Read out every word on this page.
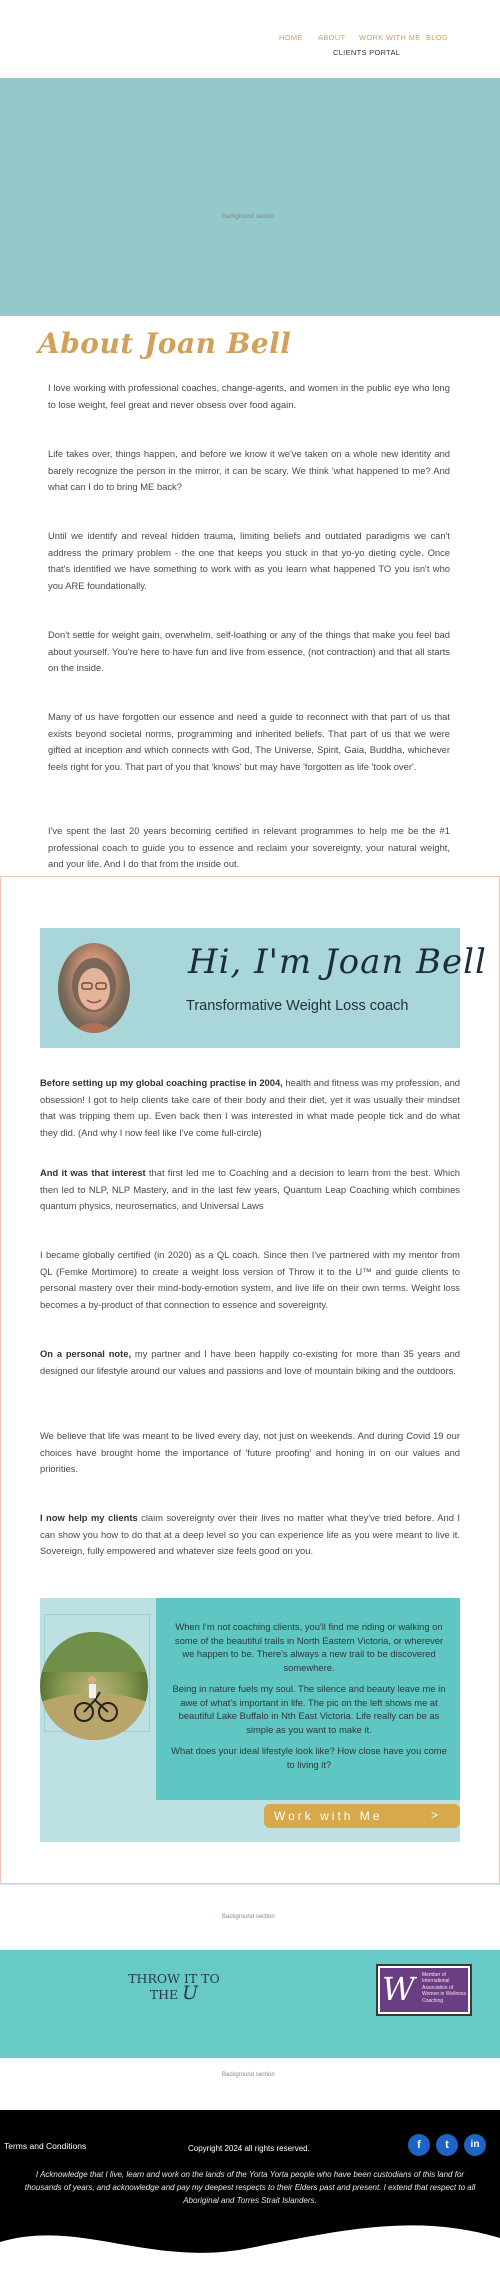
HOME ABOUT WORK WITH ME BLOG
CLIENTS PORTAL
Background section
About Joan Bell

I love working with professional coaches, change-agents, and women in the public eye who long to lose weight, feel great and never obsess over food again.

Life takes over, things happen, and before we know it we've taken on a whole new identity and barely recognize the person in the mirror, it can be scary. We think 'what happened to me? And what can I do to bring ME back?

Until we identify and reveal hidden trauma, limiting beliefs and outdated paradigms we can't address the primary problem - the one that keeps you stuck in that yo-yo dieting cycle. Once that's identified we have something to work with as you learn what happened TO you isn't who you ARE foundationally.

Don't settle for weight gain, overwhelm, self-loathing or any of the things that make you feel bad about yourself. You're here to have fun and live from essence, (not contraction) and that all starts on the inside.

Many of us have forgotten our essence and need a guide to reconnect with that part of us that exists beyond societal norms, programming and inherited beliefs. That part of us that we were gifted at inception and which connects with God, The Universe, Spirit, Gaia, Buddha, whichever feels right for you. That part of you that 'knows' but may have 'forgotten as life 'took over'.

I've spent the last 20 years becoming certified in relevant programmes to help me be the #1 professional coach to guide you to essence and reclaim your sovereignty, your natural weight, and your life. And I do that from the inside out.

Hi, I'm Joan Bell
Transformative Weight Loss coach

Before setting up my global coaching practise in 2004, health and fitness was my profession, and obsession! I got to help clients take care of their body and their diet, yet it was usually their mindset that was tripping them up. Even back then I was interested in what made people tick and do what they did. (And why I now feel like I've come full-circle)

And it was that interest that first led me to Coaching and a decision to learn from the best. Which then led to NLP, NLP Mastery, and in the last few years, Quantum Leap Coaching which combines quantum physics, neurosematics, and Universal Laws

I became globally certified (in 2020) as a QL coach. Since then I've partnered with my mentor from QL (Femke Mortimore) to create a weight loss version of Throw it to the U™ and guide clients to personal mastery over their mind-body-emotion system, and live life on their own terms. Weight loss becomes a by-product of that connection to essence and sovereignty.

On a personal note, my partner and I have been happily co-existing for more than 35 years and designed our lifestyle around our values and passions and love of mountain biking and the outdoors.

We believe that life was meant to be lived every day, not just on weekends. And during Covid 19 our choices have brought home the importance of 'future proofing' and honing in on our values and priorities.

I now help my clients claim sovereignty over their lives no matter what they've tried before. And I can show you how to do that at a deep level so you can experience life as you were meant to live it. Sovereign, fully empowered and whatever size feels good on you.

When I'm not coaching clients, you'll find me riding or walking on some of the beautiful trails in North Eastern Victoria, or wherever we happen to be. There's always a new trail to be discovered somewhere.

Being in nature fuels my soul. The silence and beauty leave me in awe of what's important in life. The pic on the left shows me at beautiful Lake Buffalo in Nth East Victoria. Life really can be as simple as you want to make it.

What does your ideal lifestyle look like? How close have you come to living it?

Work with Me	>
Background section
THROW IT TO
THE U	W	Member of International Association of Women in Wellness Coaching
Background section
Terms and Conditions	Copyright 2024 all rights reserved.	f	t	in

I Acknowledge that I live, learn and work on the lands of the Yorta Yorta people who have been custodians of this land for thousands of years, and acknowledge and pay my deepest respects to their Elders past and present. I extend that respect to all Aboriginal and Torres Strait Islanders.
